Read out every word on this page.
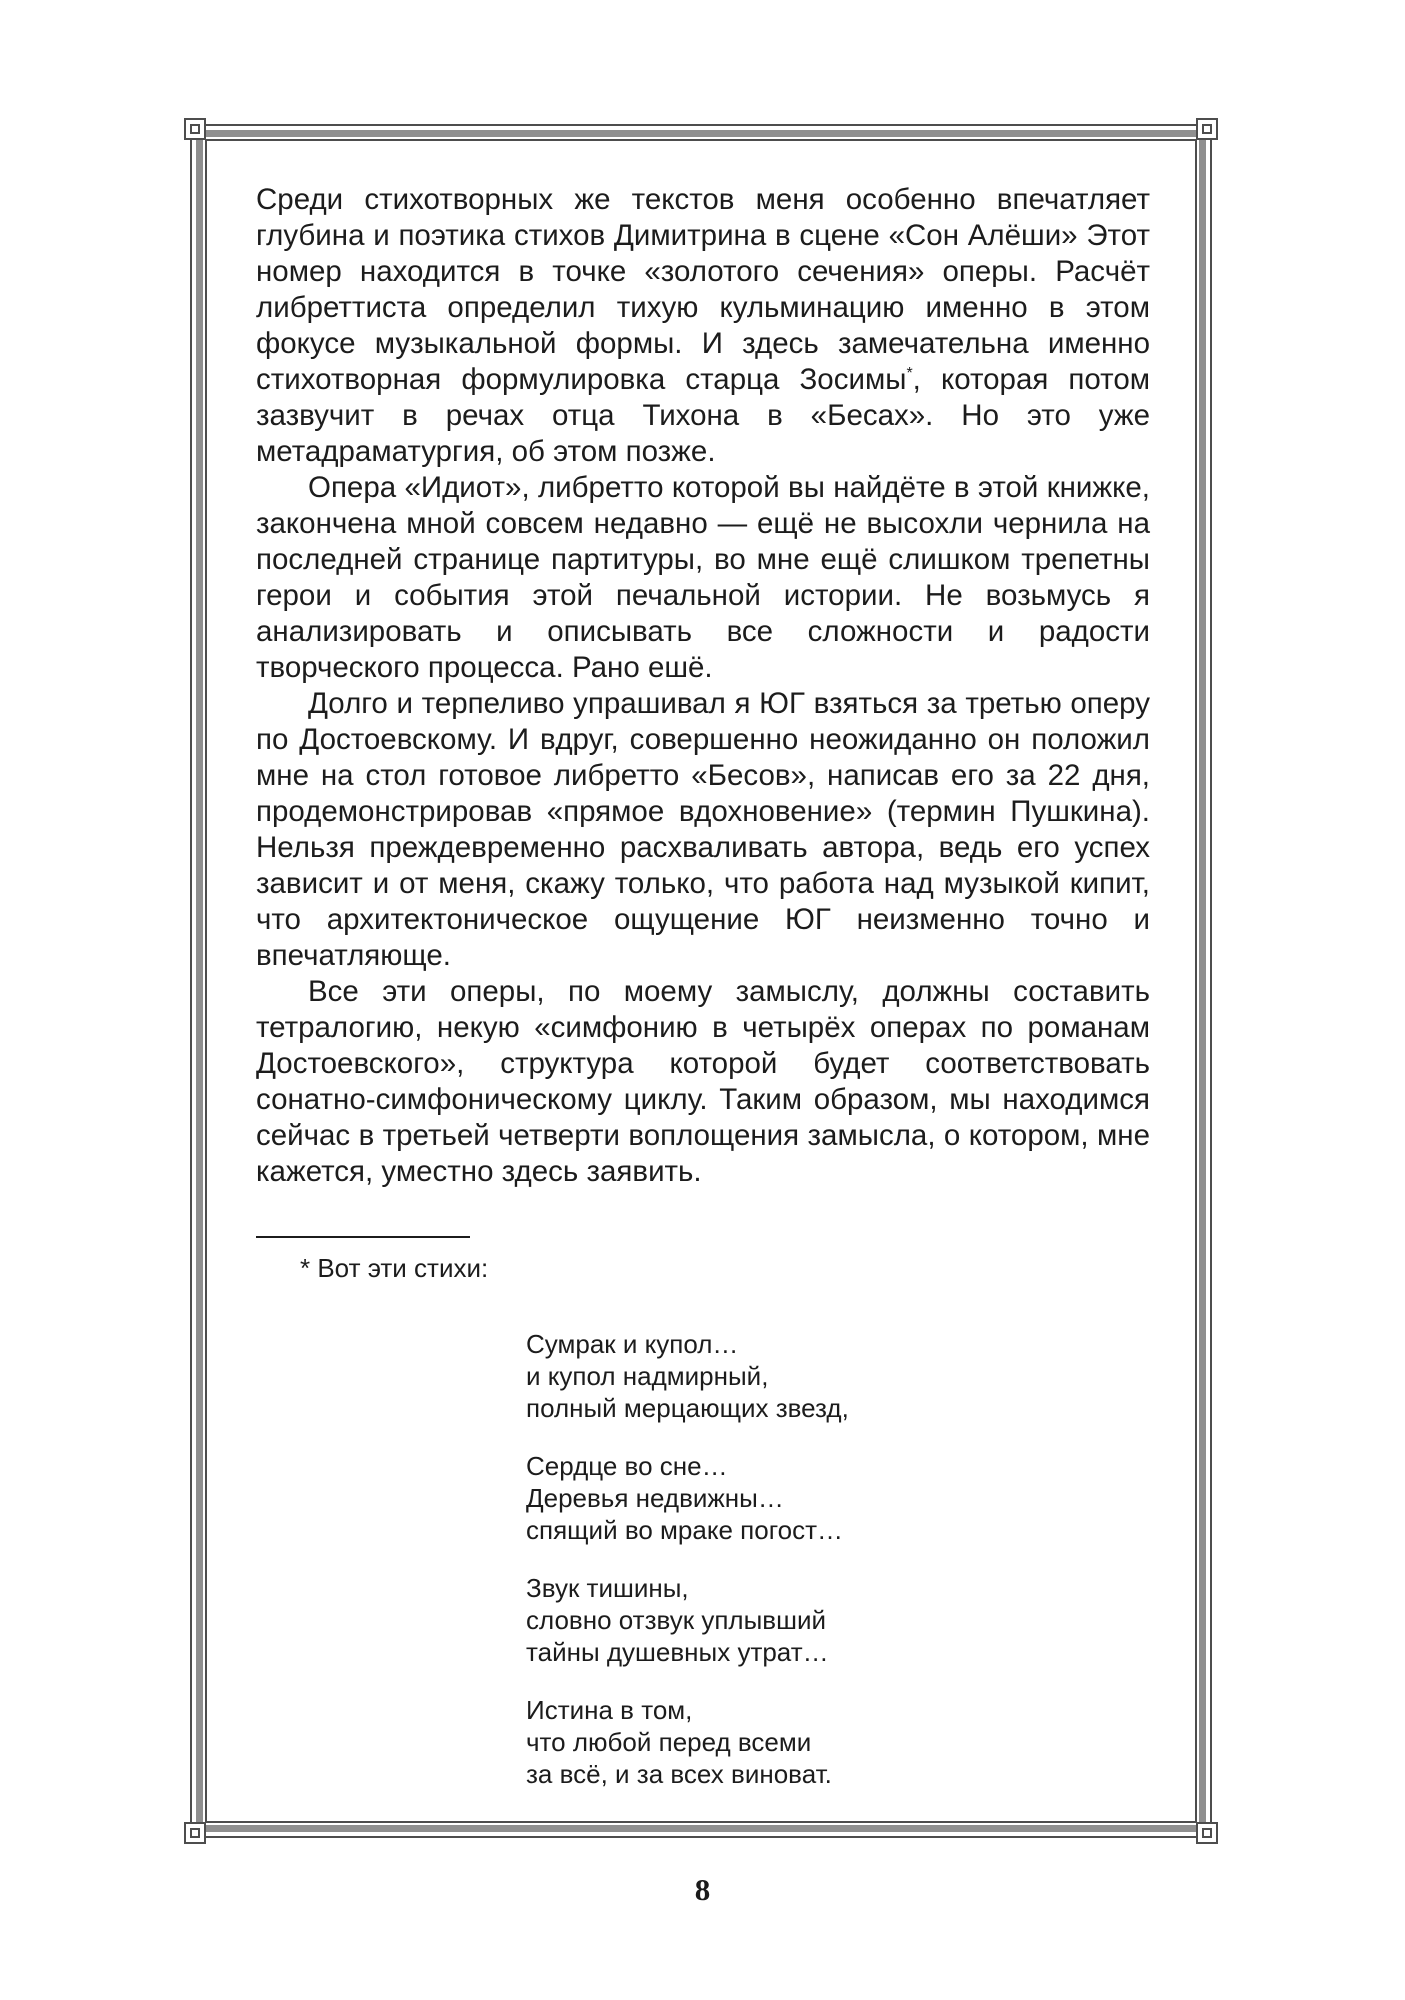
Среди стихотворных же текстов меня особенно впечатляет глубина и поэтика стихов Димитрина в сцене «Сон Алёши» Этот номер находится в точке «золотого сечения» оперы. Расчёт либреттиста определил тихую кульминацию именно в этом фокусе музыкальной формы. И здесь замечательна именно стихотворная формулировка старца Зосимы*, которая потом зазвучит в речах отца Тихона в «Бесах». Но это уже метадраматургия, об этом позже.

Опера «Идиот», либретто которой вы найдёте в этой книжке, закончена мной совсем недавно — ещё не высохли чернила на последней странице партитуры, во мне ещё слишком трепетны герои и события этой печальной истории. Не возьмусь я анализировать и описывать все сложности и радости творческого процесса. Рано ешё.

Долго и терпеливо упрашивал я ЮГ взяться за третью оперу по Достоевскому. И вдруг, совершенно неожиданно он положил мне на стол готовое либретто «Бесов», написав его за 22 дня, продемонстрировав «прямое вдохновение» (термин Пушкина). Нельзя преждевременно расхваливать автора, ведь его успех зависит и от меня, скажу только, что работа над музыкой кипит, что архитектоническое ощущение ЮГ неизменно точно и впечатляюще.

Все эти оперы, по моему замыслу, должны составить тетралогию, некую «симфонию в четырёх операх по романам Достоевского», структура которой будет соответствовать сонатно-симфоническому циклу. Таким образом, мы находимся сейчас в третьей четверти воплощения замысла, о котором, мне кажется, уместно здесь заявить.

* Вот эти стихи:
Сумрак и купол…
и купол надмирный,
полный мерцающих звезд,
Сердце во сне…
Деревья недвижны…
спящий во мраке погост…
Звук тишины,
словно отзвук уплывший
тайны душевных утрат…
Истина в том,
что любой перед всеми
за всё, и за всех виноват.
8
